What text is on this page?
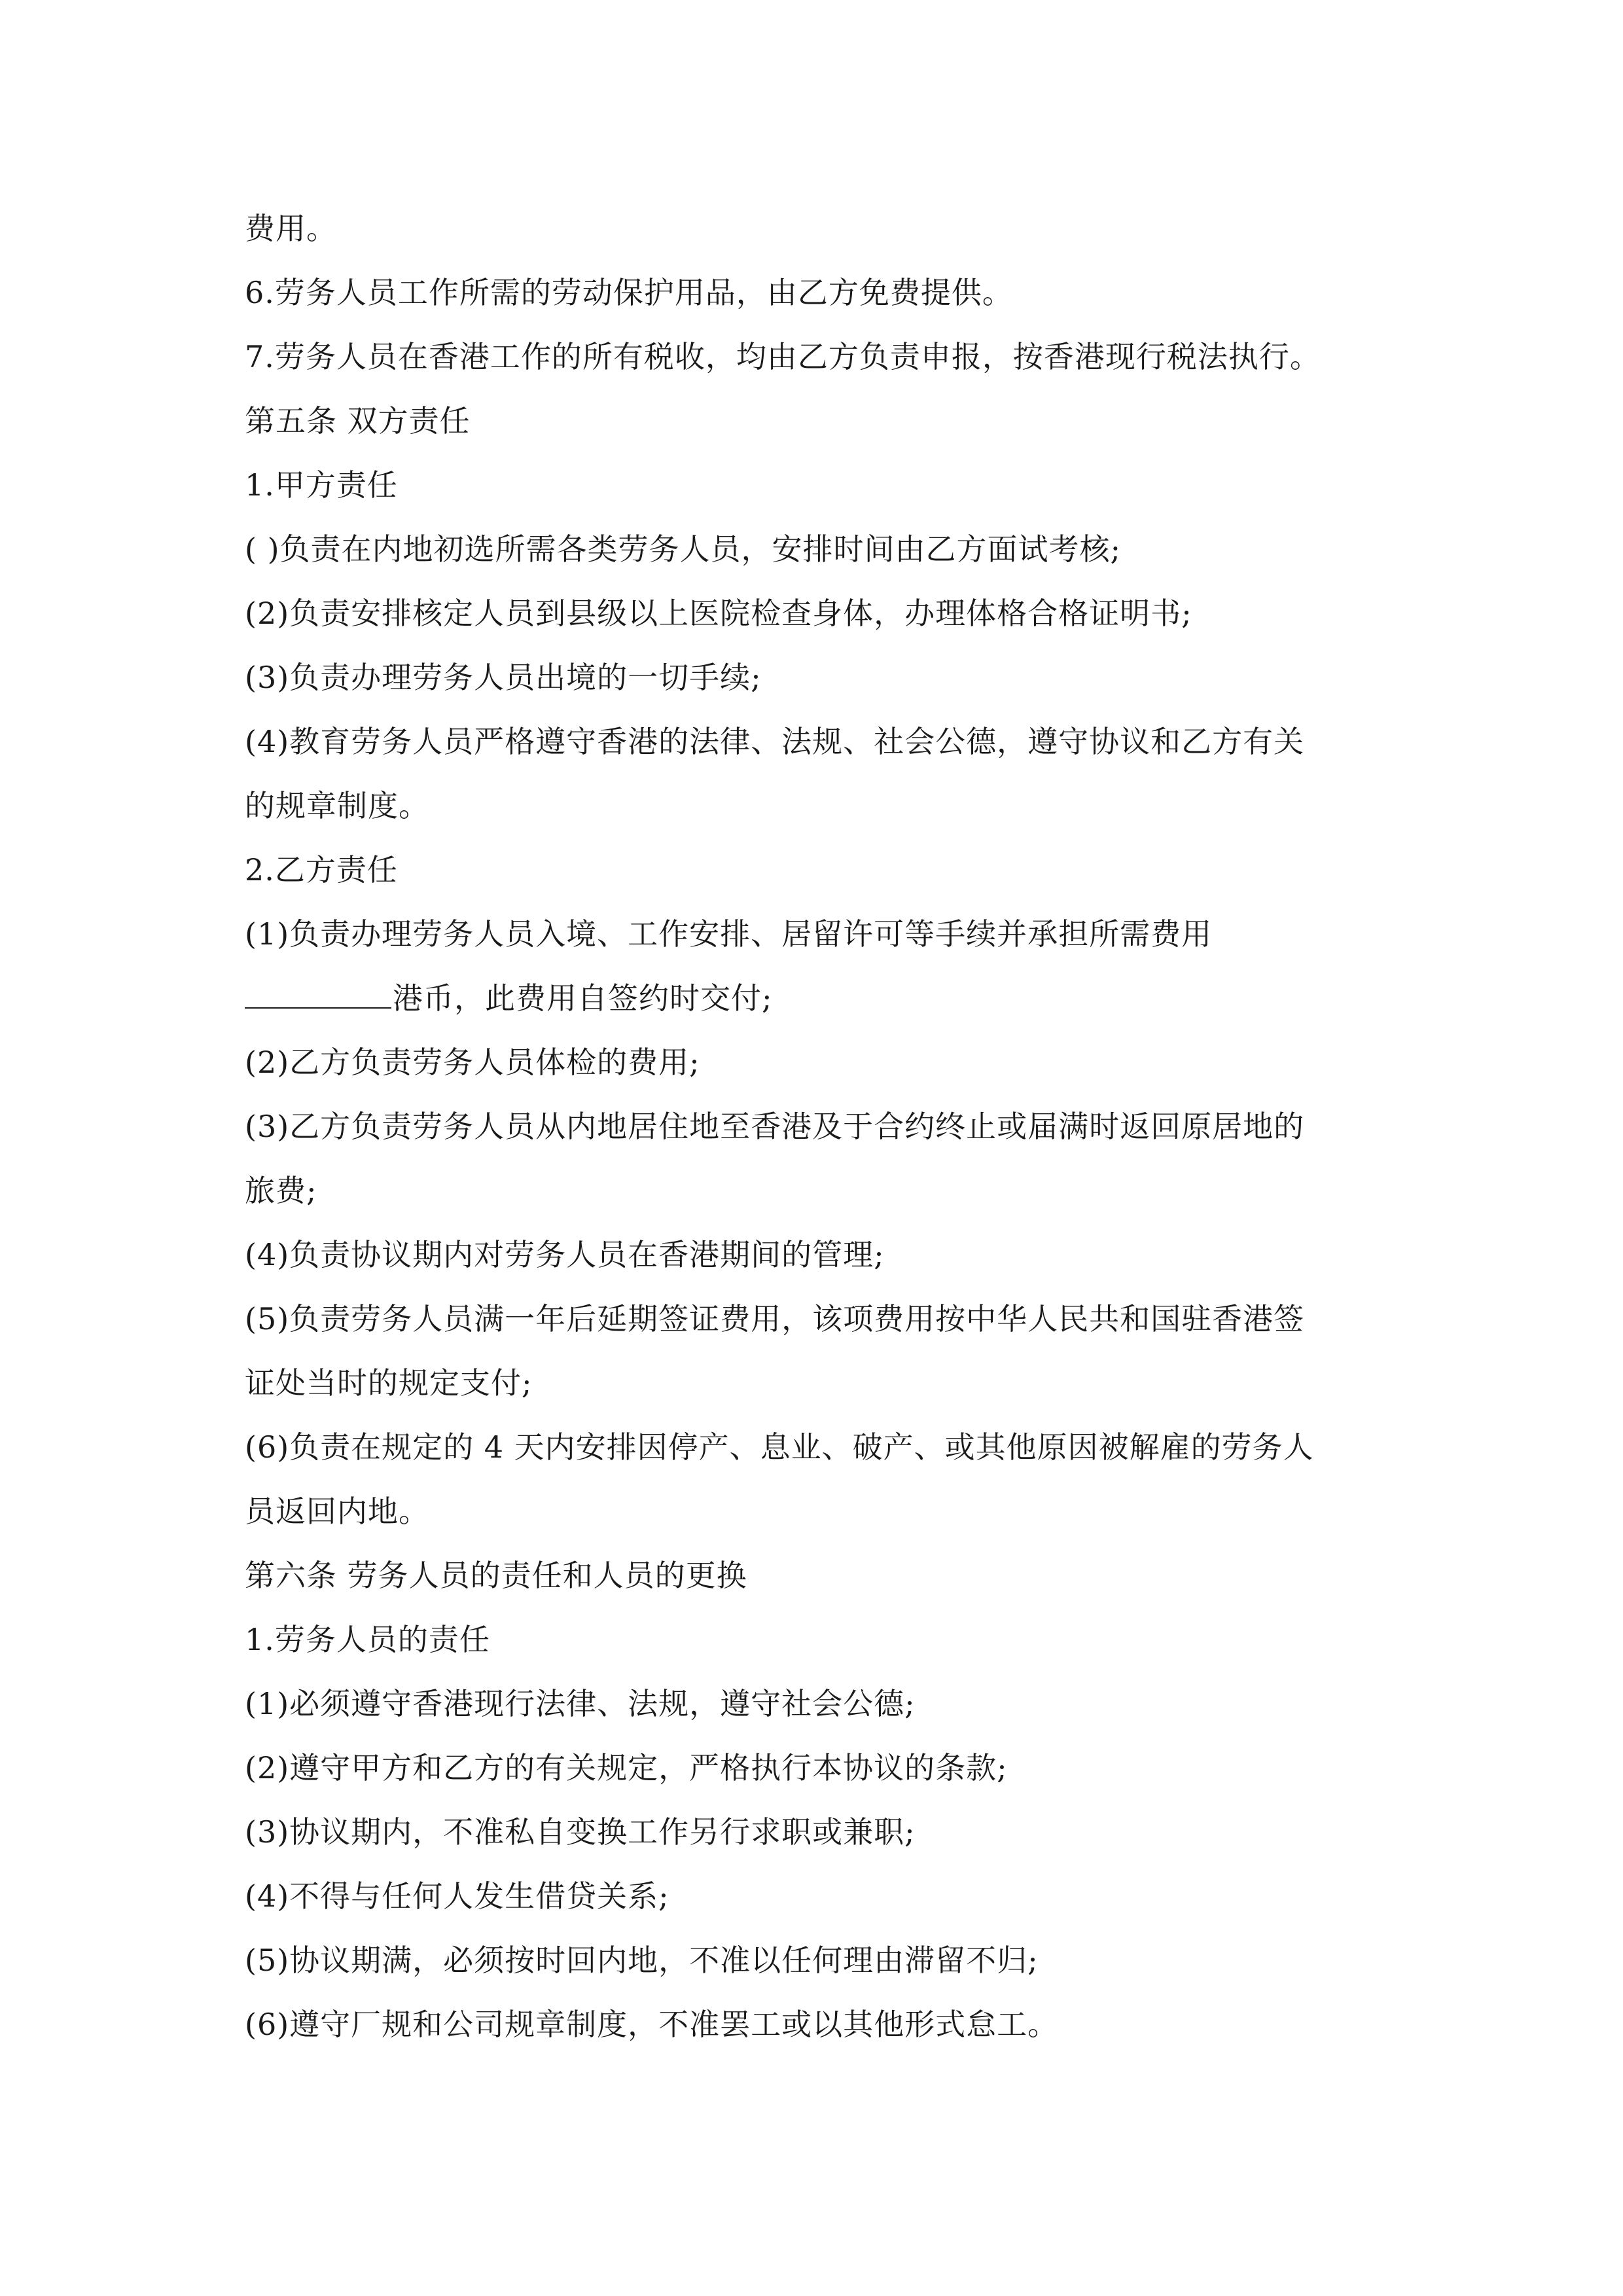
费用。
6.劳务人员工作所需的劳动保护用品，由乙方免费提供。
7.劳务人员在香港工作的所有税收，均由乙方负责申报，按香港现行税法执行。
第五条 双方责任
1.甲方责任
( )负责在内地初选所需各类劳务人员，安排时间由乙方面试考核;
(2)负责安排核定人员到县级以上医院检查身体，办理体格合格证明书;
(3)负责办理劳务人员出境的一切手续;
(4)教育劳务人员严格遵守香港的法律、法规、社会公德，遵守协议和乙方有关
的规章制度。
2.乙方责任
(1)负责办理劳务人员入境、工作安排、居留许可等手续并承担所需费用
港币，此费用自签约时交付;
(2)乙方负责劳务人员体检的费用;
(3)乙方负责劳务人员从内地居住地至香港及于合约终止或届满时返回原居地的
旅费;
(4)负责协议期内对劳务人员在香港期间的管理;
(5)负责劳务人员满一年后延期签证费用，该项费用按中华人民共和国驻香港签
证处当时的规定支付;
(6)负责在规定的 4 天内安排因停产、息业、破产、或其他原因被解雇的劳务人
员返回内地。
第六条 劳务人员的责任和人员的更换
1.劳务人员的责任
(1)必须遵守香港现行法律、法规，遵守社会公德;
(2)遵守甲方和乙方的有关规定，严格执行本协议的条款;
(3)协议期内，不准私自变换工作另行求职或兼职;
(4)不得与任何人发生借贷关系;
(5)协议期满，必须按时回内地，不准以任何理由滞留不归;
(6)遵守厂规和公司规章制度，不准罢工或以其他形式怠工。
